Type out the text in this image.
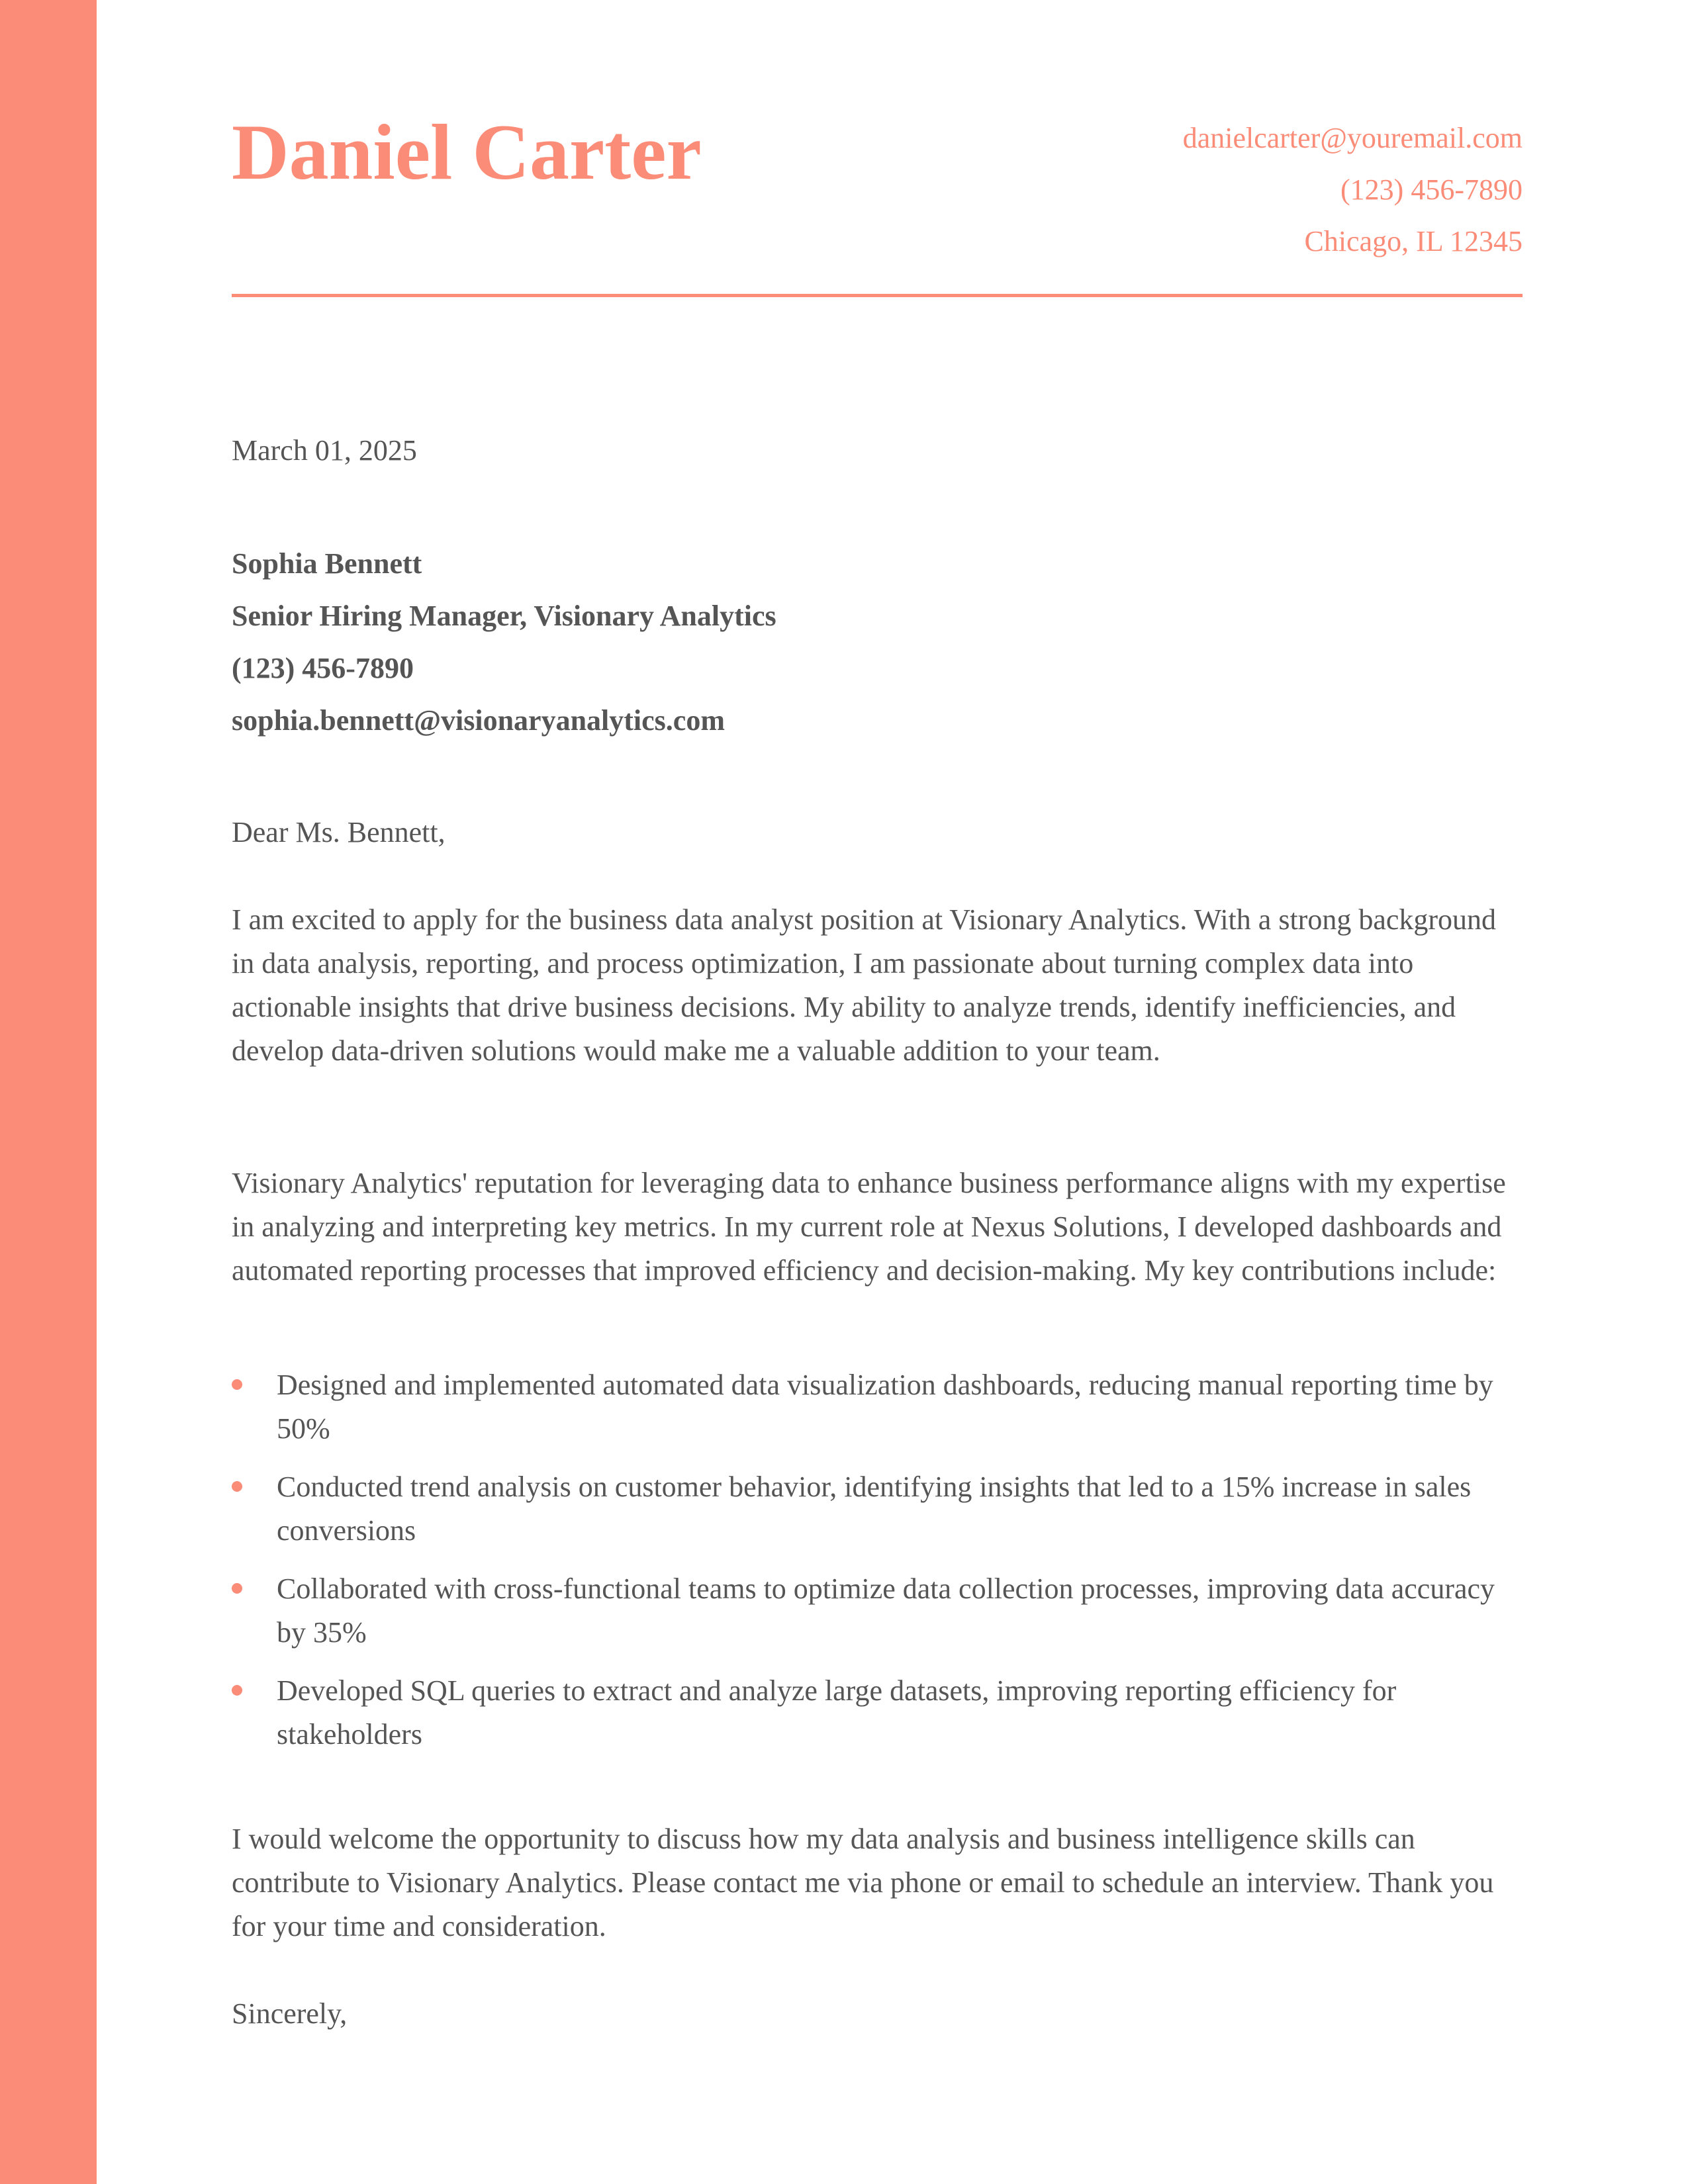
Daniel Carter	danielcarter@youremail.com
(123) 456-7890
Chicago, IL 12345
March 01, 2025
Sophia Bennett
Senior Hiring Manager, Visionary Analytics
(123) 456-7890
sophia.bennett@visionaryanalytics.com
Dear Ms. Bennett,

I am excited to apply for the business data analyst position at Visionary Analytics. With a strong background in data analysis, reporting, and process optimization, I am passionate about turning complex data into actionable insights that drive business decisions. My ability to analyze trends, identify inefficiencies, and develop data-driven solutions would make me a valuable addition to your team.

Visionary Analytics' reputation for leveraging data to enhance business performance aligns with my expertise in analyzing and interpreting key metrics. In my current role at Nexus Solutions, I developed dashboards and automated reporting processes that improved efficiency and decision-making. My key contributions include:

Designed and implemented automated data visualization dashboards, reducing manual reporting time by 50%
Conducted trend analysis on customer behavior, identifying insights that led to a 15% increase in sales conversions
Collaborated with cross-functional teams to optimize data collection processes, improving data accuracy by 35%
Developed SQL queries to extract and analyze large datasets, improving reporting efficiency for stakeholders

I would welcome the opportunity to discuss how my data analysis and business intelligence skills can contribute to Visionary Analytics. Please contact me via phone or email to schedule an interview. Thank you for your time and consideration.

Sincerely,
